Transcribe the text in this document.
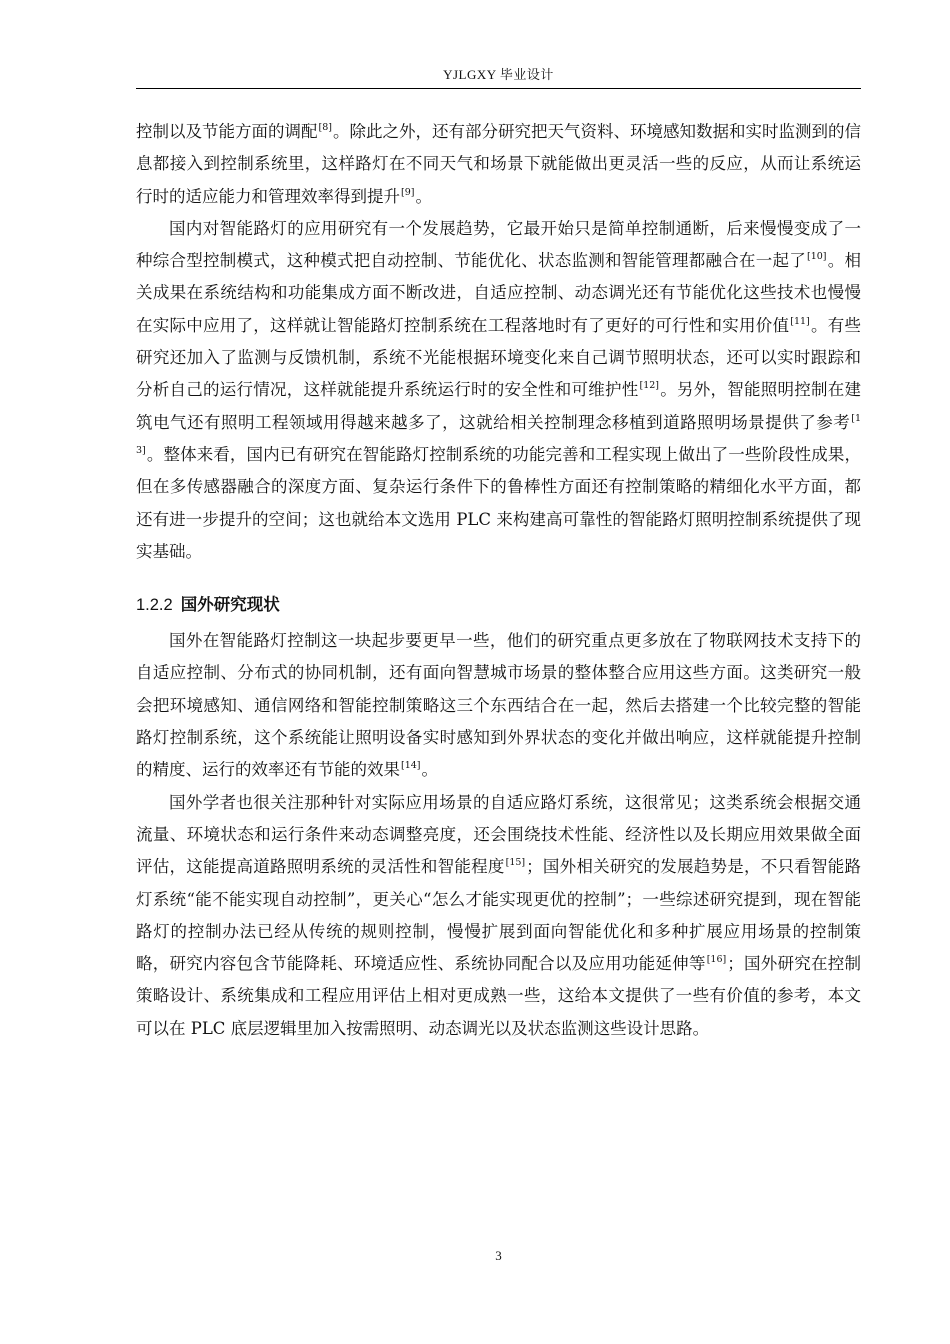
YJLGXY 毕业设计

控制以及节能方面的调配[8]。除此之外，还有部分研究把天气资料、环境感知数据和实时监测到的信息都接入到控制系统里，这样路灯在不同天气和场景下就能做出更灵活一些的反应，从而让系统运行时的适应能力和管理效率得到提升[9]。

国内对智能路灯的应用研究有一个发展趋势，它最开始只是简单控制通断，后来慢慢变成了一种综合型控制模式，这种模式把自动控制、节能优化、状态监测和智能管理都融合在一起了[10]。相关成果在系统结构和功能集成方面不断改进，自适应控制、动态调光还有节能优化这些技术也慢慢在实际中应用了，这样就让智能路灯控制系统在工程落地时有了更好的可行性和实用价值[11]。有些研究还加入了监测与反馈机制，系统不光能根据环境变化来自己调节照明状态，还可以实时跟踪和分析自己的运行情况，这样就能提升系统运行时的安全性和可维护性[12]。另外，智能照明控制在建筑电气还有照明工程领域用得越来越多了，这就给相关控制理念移植到道路照明场景提供了参考[13]。整体来看，国内已有研究在智能路灯控制系统的功能完善和工程实现上做出了一些阶段性成果，但在多传感器融合的深度方面、复杂运行条件下的鲁棒性方面还有控制策略的精细化水平方面，都还有进一步提升的空间；这也就给本文选用 PLC 来构建高可靠性的智能路灯照明控制系统提供了现实基础。

1.2.2 国外研究现状

国外在智能路灯控制这一块起步要更早一些，他们的研究重点更多放在了物联网技术支持下的自适应控制、分布式的协同机制，还有面向智慧城市场景的整体整合应用这些方面。这类研究一般会把环境感知、通信网络和智能控制策略这三个东西结合在一起，然后去搭建一个比较完整的智能路灯控制系统，这个系统能让照明设备实时感知到外界状态的变化并做出响应，这样就能提升控制的精度、运行的效率还有节能的效果[14]。

国外学者也很关注那种针对实际应用场景的自适应路灯系统，这很常见；这类系统会根据交通流量、环境状态和运行条件来动态调整亮度，还会围绕技术性能、经济性以及长期应用效果做全面评估，这能提高道路照明系统的灵活性和智能程度[15]；国外相关研究的发展趋势是，不只看智能路灯系统“能不能实现自动控制”，更关心“怎么才能实现更优的控制”；一些综述研究提到，现在智能路灯的控制办法已经从传统的规则控制，慢慢扩展到面向智能优化和多种扩展应用场景的控制策略，研究内容包含节能降耗、环境适应性、系统协同配合以及应用功能延伸等[16]；国外研究在控制策略设计、系统集成和工程应用评估上相对更成熟一些，这给本文提供了一些有价值的参考，本文可以在 PLC 底层逻辑里加入按需照明、动态调光以及状态监测这些设计思路。

3
